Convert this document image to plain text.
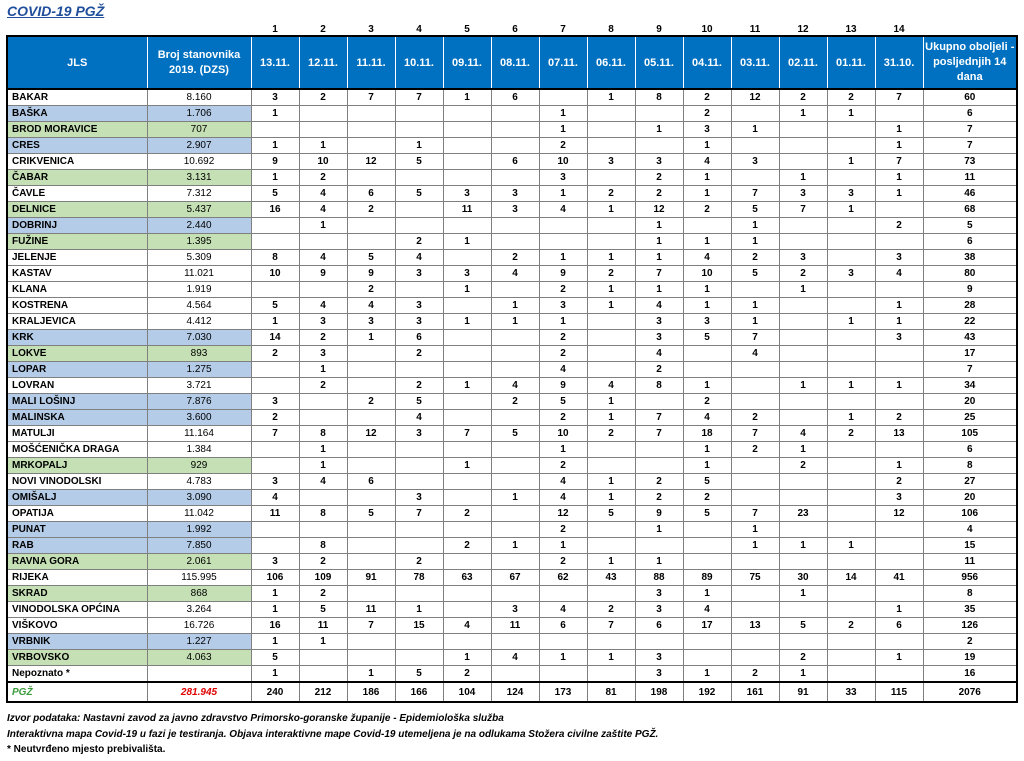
COVID-19 PGŽ
		1	2	3	4	5	6	7	8	9	10	11	12	13	14	
JLS	Broj stanovnika 2019. (DZS)	13.11.	12.11.	11.11.	10.11.	09.11.	08.11.	07.11.	06.11.	05.11.	04.11.	03.11.	02.11.	01.11.	31.10.	Ukupno oboljeli - posljednjih 14 dana
BAKAR	8.160	3	2	7	7	1	6		1	8	2	12	2	2	7	60
BAŠKA	1.706	1						1			2		1	1		6
BROD MORAVICE	707							1		1	3	1			1	7
CRES	2.907	1	1		1			2			1				1	7
CRIKVENICA	10.692	9	10	12	5		6	10	3	3	4	3		1	7	73
ČABAR	3.131	1	2					3		2	1		1		1	11
ČAVLE	7.312	5	4	6	5	3	3	1	2	2	1	7	3	3	1	46
DELNICE	5.437	16	4	2		11	3	4	1	12	2	5	7	1		68
DOBRINJ	2.440		1							1		1			2	5
FUŽINE	1.395				2	1				1	1	1				6
JELENJE	5.309	8	4	5	4		2	1	1	1	4	2	3		3	38
KASTAV	11.021	10	9	9	3	3	4	9	2	7	10	5	2	3	4	80
KLANA	1.919			2		1		2	1	1	1		1			9
KOSTRENA	4.564	5	4	4	3		1	3	1	4	1	1			1	28
KRALJEVICA	4.412	1	3	3	3	1	1	1		3	3	1		1	1	22
KRK	7.030	14	2	1	6			2		3	5	7			3	43
LOKVE	893	2	3		2			2		4		4				17
LOPAR	1.275		1					4		2						7
LOVRAN	3.721		2		2	1	4	9	4	8	1		1	1	1	34
MALI LOŠINJ	7.876	3		2	5		2	5	1		2					20
MALINSKA	3.600	2			4			2	1	7	4	2		1	2	25
MATULJI	11.164	7	8	12	3	7	5	10	2	7	18	7	4	2	13	105
MOŠĆENIČKA DRAGA	1.384		1					1			1	2	1			6
MRKOPALJ	929		1			1		2			1		2		1	8
NOVI VINODOLSKI	4.783	3	4	6				4	1	2	5				2	27
OMIŠALJ	3.090	4			3		1	4	1	2	2				3	20
OPATIJA	11.042	11	8	5	7	2		12	5	9	5	7	23		12	106
PUNAT	1.992							2		1		1				4
RAB	7.850		8			2	1	1				1	1	1		15
RAVNA GORA	2.061	3	2		2			2	1	1						11
RIJEKA	115.995	106	109	91	78	63	67	62	43	88	89	75	30	14	41	956
SKRAD	868	1	2							3	1		1			8
VINODOLSKA OPĆINA	3.264	1	5	11	1		3	4	2	3	4				1	35
VIŠKOVO	16.726	16	11	7	15	4	11	6	7	6	17	13	5	2	6	126
VRBNIK	1.227	1	1													2
VRBOVSKO	4.063	5				1	4	1	1	3			2		1	19
Nepoznato *		1		1	5	2				3	1	2	1			16
PGŽ	281.945	240	212	186	166	104	124	173	81	198	192	161	91	33	115	2076
Izvor podataka: Nastavni zavod za javno zdravstvo Primorsko-goranske županije - Epidemiološka služba
Interaktivna mapa Covid-19 u fazi je testiranja. Objava interaktivne mape Covid-19 utemeljena je na odlukama Stožera civilne zaštite PGŽ.
* Neutvrđeno mjesto prebivališta.
